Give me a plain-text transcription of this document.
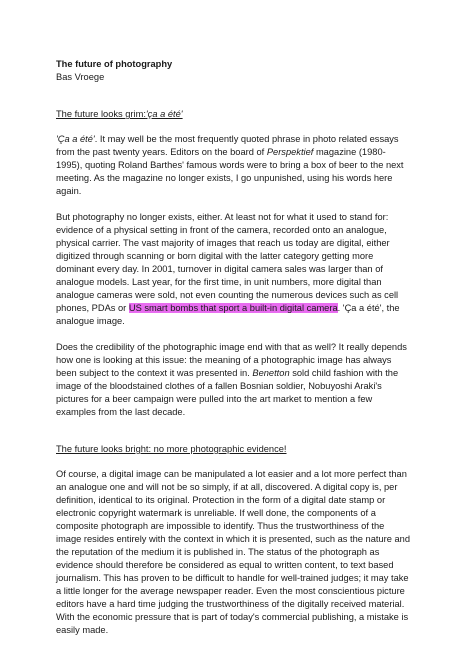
The future of photography

Bas Vroege

The future looks grim:'ça a été'

'Ça a été'. It may well be the most frequently quoted phrase in photo related essays from the past twenty years. Editors on the board of Perspektief magazine (1980-1995), quoting Roland Barthes' famous words were to bring a box of beer to the next meeting. As the magazine no longer exists, I go unpunished, using his words here again.

But photography no longer exists, either. At least not for what it used to stand for: evidence of a physical setting in front of the camera, recorded onto an analogue, physical carrier. The vast majority of images that reach us today are digital, either digitized through scanning or born digital with the latter category getting more dominant every day. In 2001, turnover in digital camera sales was larger than of analogue models. Last year, for the first time, in unit numbers, more digital than analogue cameras were sold, not even counting the numerous devices such as cell phones, PDAs or US smart bombs that sport a built-in digital camera. 'Ça a été', the analogue image.

Does the credibility of the photographic image end with that as well? It really depends how one is looking at this issue: the meaning of a photographic image has always been subject to the context it was presented in. Benetton sold child fashion with the image of the bloodstained clothes of a fallen Bosnian soldier, Nobuyoshi Araki's pictures for a beer campaign were pulled into the art market to mention a few examples from the last decade.

The future looks bright: no more photographic evidence!

Of course, a digital image can be manipulated a lot easier and a lot more perfect than an analogue one and will not be so simply, if at all, discovered. A digital copy is, per definition, identical to its original. Protection in the form of a digital date stamp or electronic copyright watermark is unreliable. If well done, the components of a composite photograph are impossible to identify. Thus the trustworthiness of the image resides entirely with the context in which it is presented, such as the nature and the reputation of the medium it is published in. The status of the photograph as evidence should therefore be considered as equal to written content, to text based journalism. This has proven to be difficult to handle for well-trained judges; it may take a little longer for the average newspaper reader. Even the most conscientious picture editors have a hard time judging the trustworthiness of the digitally received material. With the economic pressure that is part of today's commercial publishing, a mistake is easily made.
